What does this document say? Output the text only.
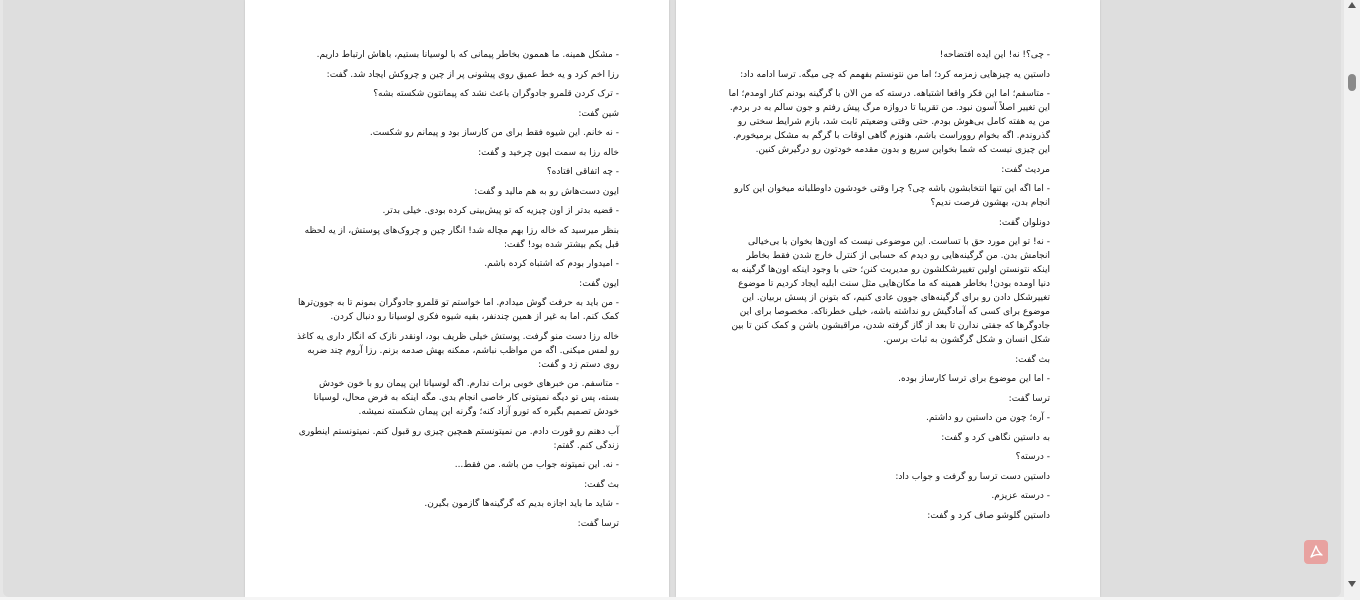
- مشکل همینه. ما هممون بخاطر پیمانی که با لوسیانا بستیم، باهاش ارتباط داریم.

رزا اخم کرد و یه خط عمیق روی پیشونی پر از چین و چروکش ایجاد شد. گفت:

- ترک کردن قلمرو جادوگران باعث نشد که پیمانتون شکسته بشه؟

شین گفت:

- نه خانم. این شیوه فقط برای من کارساز بود و پیمانم رو شکست.

خاله رزا به سمت ایون چرخید و گفت:

- چه اتفاقی افتاده؟

ایون دست‌هاش رو به هم مالید و گفت:

- قضیه بدتر از اون چیزیه که تو پیش‌بینی کرده بودی. خیلی بدتر.

بنظر میرسید که خاله رزا بهم مچاله شد! انگار چین و چروک‌های پوستش، از یه لحظه قبل یکم بیشتر شده بود! گفت:

- امیدوار بودم که اشتباه کرده باشم.

ایون گفت:

- من باید به حرفت گوش میدادم. اما خواستم تو قلمرو جادوگران بمونم تا به جوون‌ترها کمک کنم. اما به غیر از همین چندنفر، بقیه شیوه فکری لوسیانا رو دنبال کردن.

خاله رزا دست منو گرفت. پوستش خیلی ظریف بود، اونقدر نازک که انگار داری یه کاغذ رو لمس میکنی. اگه من مواظب نباشم، ممکنه بهش صدمه بزنم. رزا آروم چند ضربه روی دستم زد و گفت:

- متاسفم. من خبرهای خوبی برات ندارم. اگه لوسیانا این پیمان رو با خون خودش بسته، پس تو دیگه نمیتونی کار خاصی انجام بدی. مگه اینکه به فرض محال، لوسیانا خودش تصمیم بگیره که تورو آزاد کنه؛ وگرنه این پیمان شکسته نمیشه.

آب دهنم رو قورت دادم. من نمیتونستم همچین چیزی رو قبول کنم. نمیتونستم اینطوری زندگی کنم. گفتم:

- نه. این نمیتونه جواب من باشه. من فقط...

بث گفت:

- شاید ما باید اجازه بدیم که گرگینه‌ها گازمون بگیرن.

ترسا گفت:

- چی؟! نه! این ایده افتضاحه!

داستین یه چیزهایی زمزمه کرد؛ اما من نتونستم بفهمم که چی میگه. ترسا ادامه داد:

- متاسفم؛ اما این فکر واقعا اشتباهه. درسته که من الان با گرگینه بودنم کنار اومدم؛ اما این تغییر اصلاً آسون نبود. من تقریبا تا دروازه مرگ پیش رفتم و جون سالم به در بردم. من یه هفته کامل بی‌هوش بودم. حتی وقتی وضعیتم ثابت شد، بازم شرایط سختی رو گذروندم. اگه بخوام رووراست باشم، هنوزم گاهی اوقات با گرگم به مشکل برمیخورم. این چیزی نیست که شما بخواین سریع و بدون مقدمه خودتون رو درگیرش کنین.

مردیث گفت:

- اما اگه این تنها انتخابشون باشه چی؟ چرا وقتی خودشون داوطلبانه میخوان این کارو انجام بدن، بهشون فرصت ندیم؟

دونلوان گفت:

- نه! تو این مورد حق با تساست. این موضوعی نیست که اون‌ها بخوان با بی‌خیالی انجامش بدن. من گرگینه‌هایی رو دیدم که حسابی از کنترل خارج شدن فقط بخاطر اینکه نتونستن اولین تغییرشکلشون رو مدیریت کنن؛ حتی با وجود اینکه اون‌ها گرگینه به دنیا اومده بودن! بخاطر همینه که ما مکان‌هایی مثل سنت ابلیه ایجاد کردیم تا موضوع تغییرشکل دادن رو برای گرگینه‌های جوون عادی کنیم، که بتونن از پسش بربیان. این موضوع برای کسی که آمادگیش رو نداشته باشه، خیلی خطرناکه. مخصوصا برای این جادوگرها که جفتی ندارن تا بعد از گاز گرفته شدن، مراقبشون باشن و کمک کنن تا بین شکل انسان و شکل گرگشون به ثبات برسن.

بث گفت:

- اما این موضوع برای ترسا کارساز بوده.

ترسا گفت:

- آره؛ چون من داستین رو داشتم.

به داستین نگاهی کرد و گفت:

- درسته؟

داستین دست ترسا رو گرفت و جواب داد:

- درسته عزیزم.

داستین گلوشو صاف کرد و گفت:
